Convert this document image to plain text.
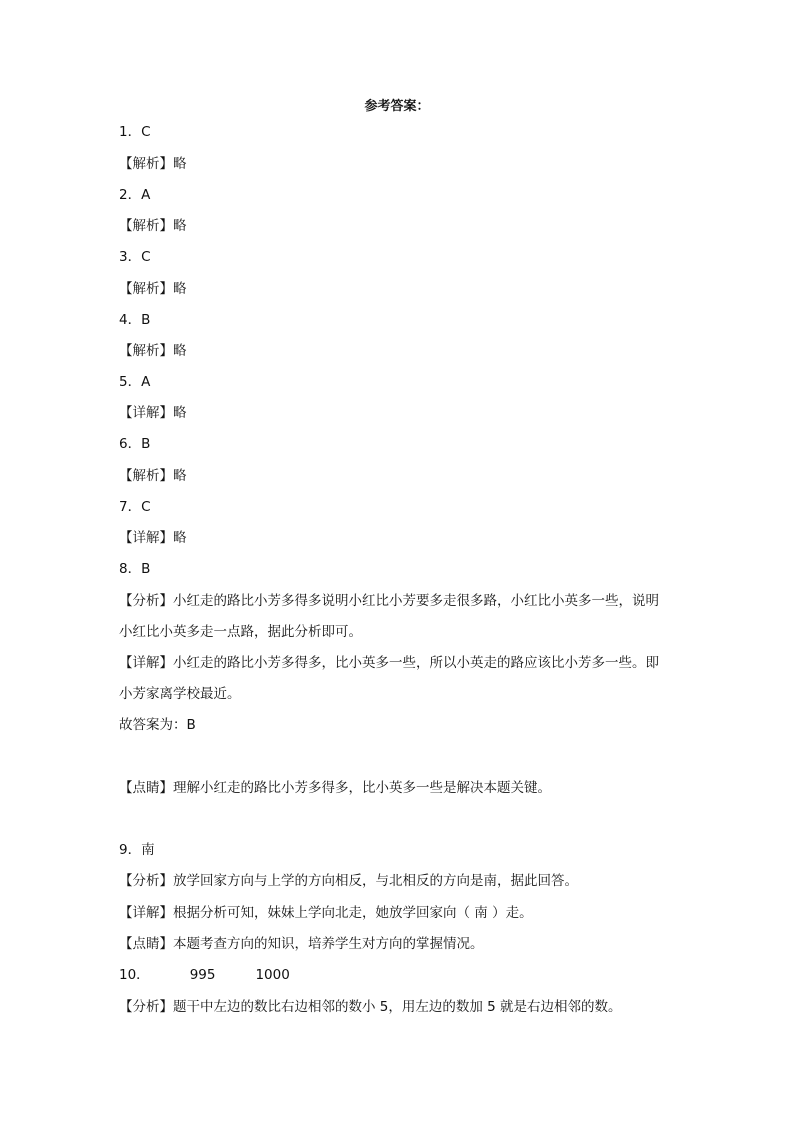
参考答案：
1．C
【解析】略
2．A
【解析】略
3．C
【解析】略
4．B
【解析】略
5．A
【详解】略
6．B
【解析】略
7．C
【详解】略
8．B
【分析】小红走的路比小芳多得多说明小红比小芳要多走很多路，小红比小英多一些，说明
小红比小英多走一点路，据此分析即可。
【详解】小红走的路比小芳多得多，比小英多一些，所以小英走的路应该比小芳多一些。即
小芳家离学校最近。
故答案为：B
【点睛】理解小红走的路比小芳多得多，比小英多一些是解决本题关键。
9．南
【分析】放学回家方向与上学的方向相反，与北相反的方向是南，据此回答。
【详解】根据分析可知，妹妹上学向北走，她放学回家向（ 南 ）走。
【点睛】本题考查方向的知识，培养学生对方向的掌握情况。
10．	995	1000
【分析】题干中左边的数比右边相邻的数小 5，用左边的数加 5 就是右边相邻的数。
